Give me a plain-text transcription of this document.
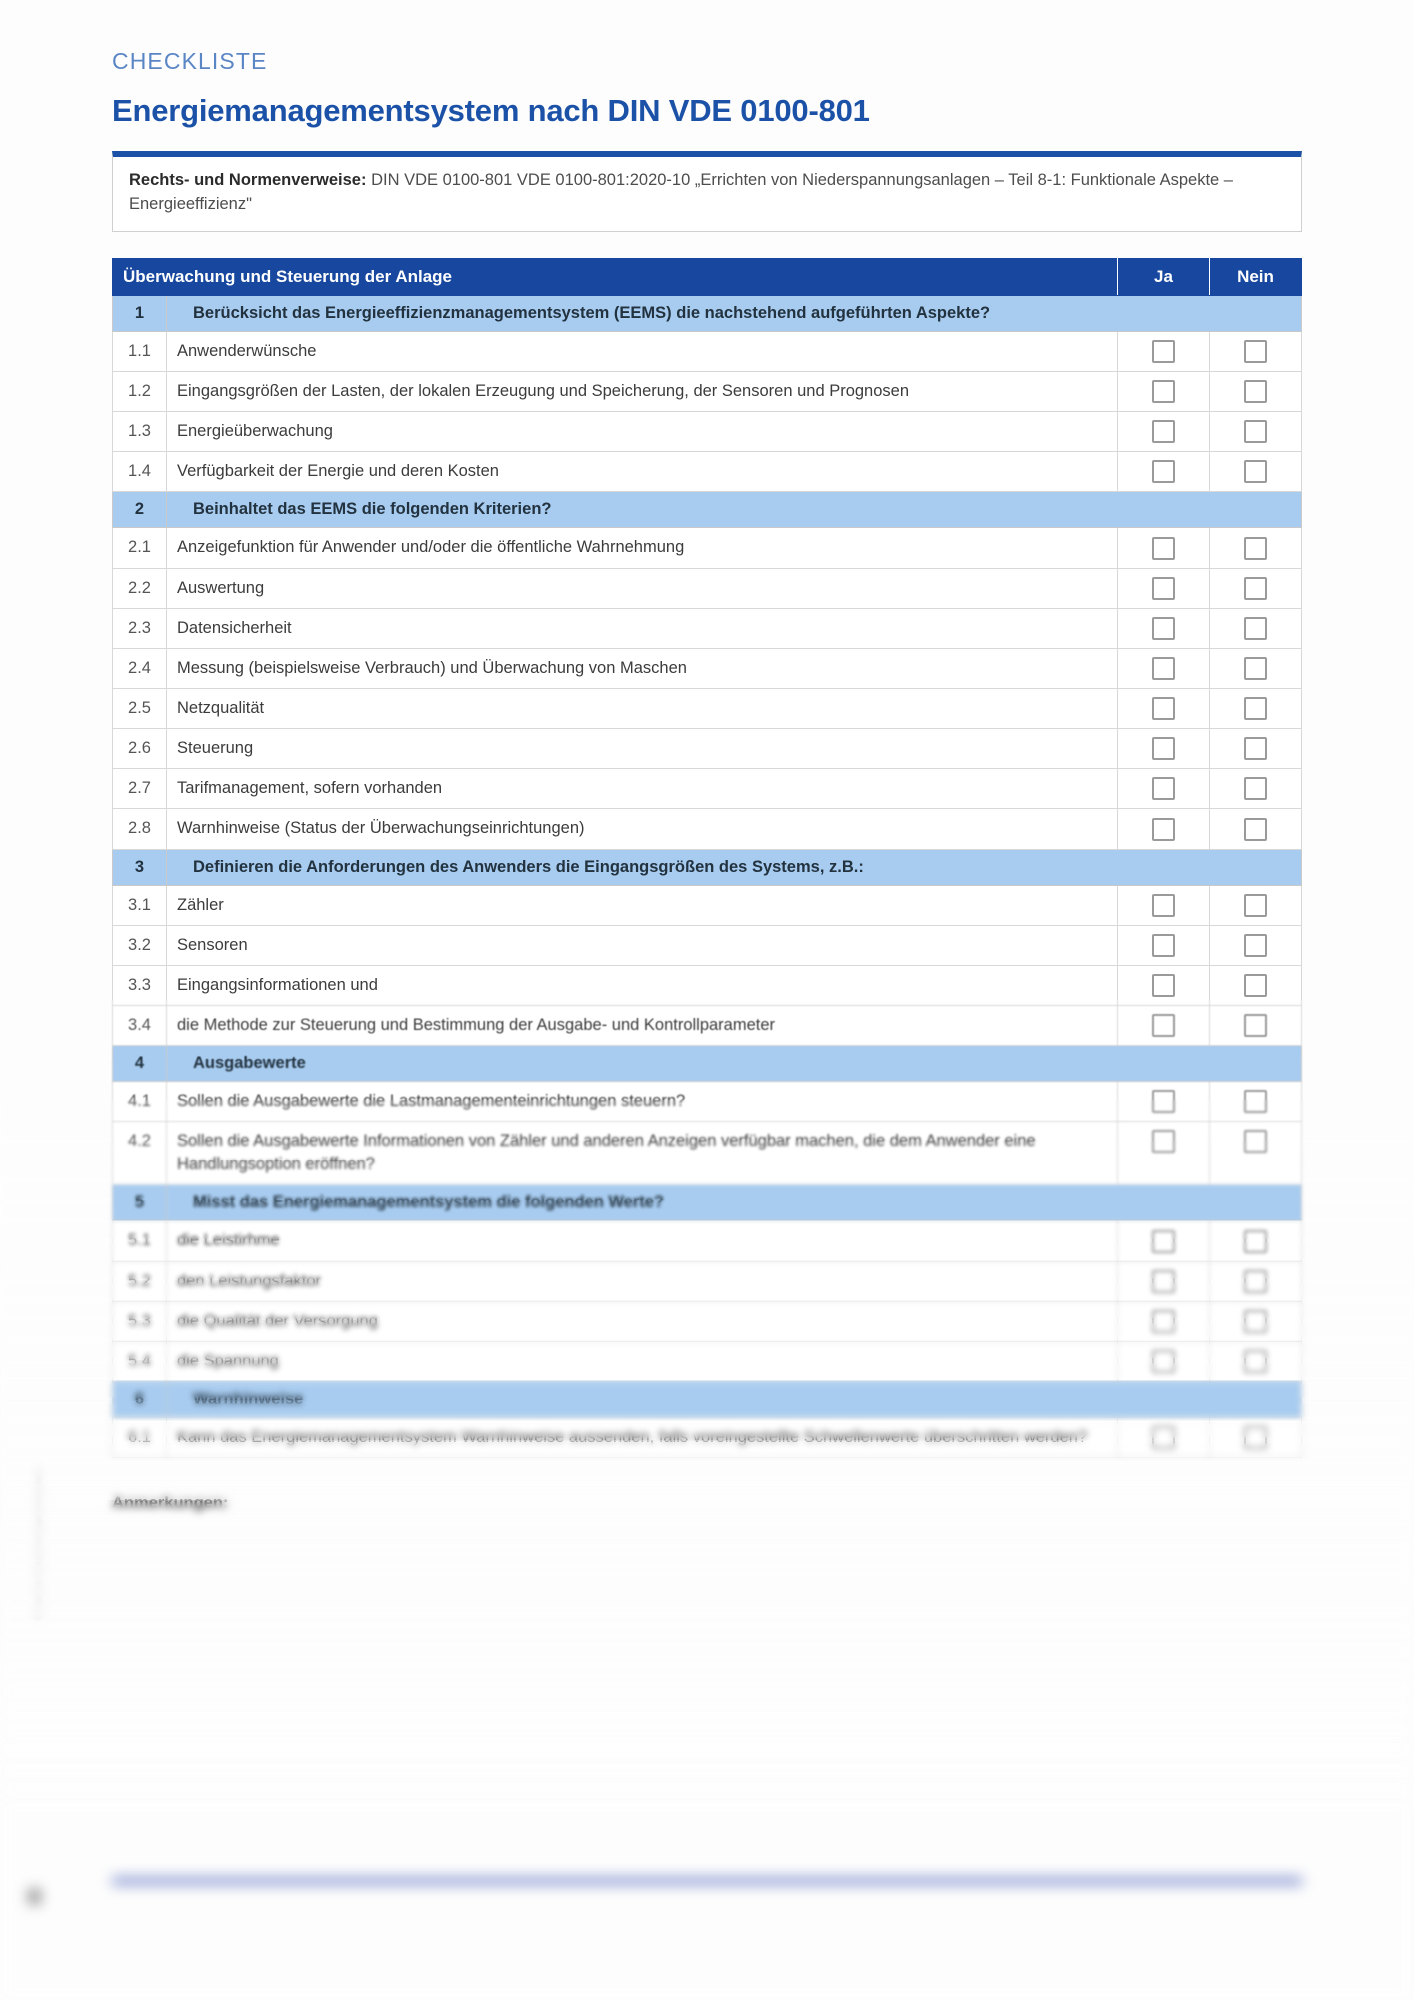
Checkliste Energiemanagementsystem
CHECKLISTE
Energiemanagementsystem nach DIN VDE 0100-801
Rechts- und Normenverweise: DIN VDE 0100-801 VDE 0100-801:2020-10 „Errichten von Niederspannungsanlagen – Teil 8-1: Funktionale Aspekte – Energieeffizienz"
Überwachung und Steuerung der Anlage		Ja	Nein
1	Berücksicht das Energieeffizienzmanagementsystem (EEMS) die nachstehend aufgeführten Aspekte?		
1.1	Anwenderwünsche		
1.2	Eingangsgrößen der Lasten, der lokalen Erzeugung und Speicherung, der Sensoren und Prognosen		
1.3	Energieüberwachung		
1.4	Verfügbarkeit der Energie und deren Kosten		
2	Beinhaltet das EEMS die folgenden Kriterien?		
2.1	Anzeigefunktion für Anwender und/oder die öffentliche Wahrnehmung		
2.2	Auswertung		
2.3	Datensicherheit		
2.4	Messung (beispielsweise Verbrauch) und Überwachung von Maschen		
2.5	Netzqualität		
2.6	Steuerung		
2.7	Tarifmanagement, sofern vorhanden		
2.8	Warnhinweise (Status der Überwachungseinrichtungen)		
3	Definieren die Anforderungen des Anwenders die Eingangsgrößen des Systems, z.B.:		
3.1	Zähler		
3.2	Sensoren		
3.3	Eingangsinformationen und		
3.4	die Methode zur Steuerung und Bestimmung der Ausgabe- und Kontrollparameter		
4	Ausgabewerte		
4.1	Sollen die Ausgabewerte die Lastmanagementeinrichtungen steuern?		
4.2	Sollen die Ausgabewerte Informationen von Zähler und anderen Anzeigen verfügbar machen, die dem Anwender eine Handlungsoption eröffnen?		
5	Misst das Energiemanagementsystem die folgenden Werte?		
5.1	die Leistirhme		
5.2	den Leistungsfaktor		
5.3	die Qualität der Versorgung		
5.4	die Spannung		
6	Warnhinweise		
6.1	Kann das Energiemanagementsystem Warnhinweise aussenden, falls voreingestellte Schwellenwerte überschritten werden?		
Anmerkungen:
